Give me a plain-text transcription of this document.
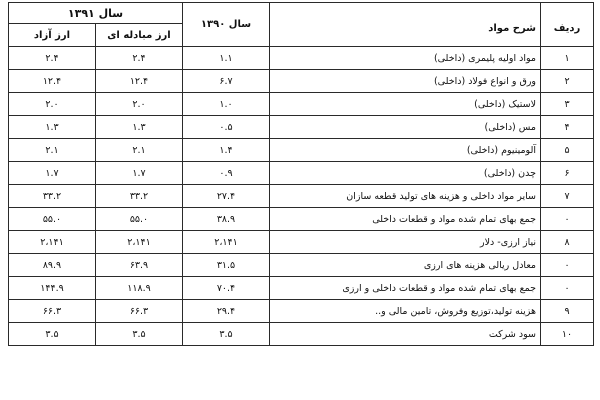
ردیف	شرح مواد	سال ۱۳۹۰	سال ۱۳۹۱	
			ارز مبادله ای	ارز آزاد
۱	مواد اولیه پلیمری (داخلی)	۱.۱	۲.۴	۲.۴
۲	ورق و انواع فولاد (داخلی)	۶.۷	۱۲.۴	۱۲.۴
۳	لاستیک (داخلی)	۱.۰	۲.۰	۲.۰
۴	مس (داخلی)	۰.۵	۱.۳	۱.۳
۵	آلومینیوم (داخلی)	۱.۴	۲.۱	۲.۱
۶	چدن (داخلی)	۰.۹	۱.۷	۱.۷
۷	سایر مواد داخلی و هزینه های تولید قطعه سازان	۲۷.۴	۳۳.۲	۳۳.۲
۰	جمع بهای تمام شده مواد و قطعات داخلی	۳۸.۹	۵۵.۰	۵۵.۰
۸	نیاز ارزی- دلار	۲،۱۴۱	۲،۱۴۱	۲،۱۴۱
۰	معادل ریالی هزینه های ارزی	۳۱.۵	۶۳.۹	۸۹.۹
۰	جمع بهای تمام شده مواد و قطعات داخلی و ارزی	۷۰.۴	۱۱۸.۹	۱۴۴.۹
۹	هزینه تولید،توزیع وفروش، تامین مالی و..	۲۹.۴	۶۶.۳	۶۶.۳
۱۰	سود شرکت	۳.۵	۳.۵	۳.۵
